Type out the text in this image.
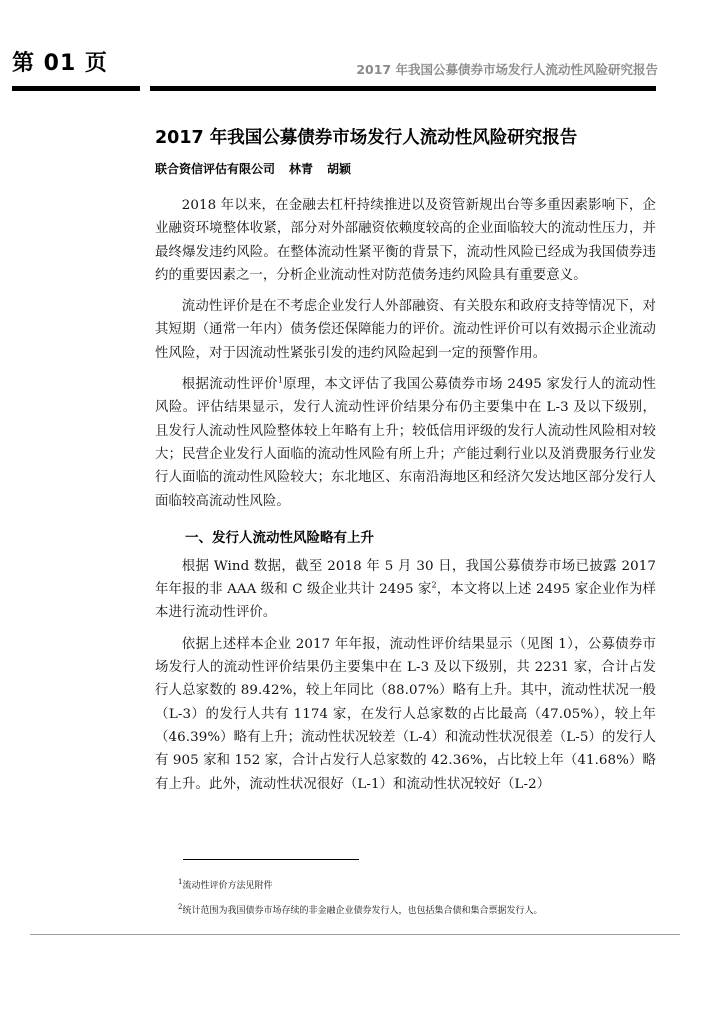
第 01 页	2017 年我国公募债券市场发行人流动性风险研究报告
2017 年我国公募债券市场发行人流动性风险研究报告
联合资信评估有限公司 林青 胡颖

2018 年以来，在金融去杠杆持续推进以及资管新规出台等多重因素影响下，企业融资环境整体收紧，部分对外部融资依赖度较高的企业面临较大的流动性压力，并最终爆发违约风险。在整体流动性紧平衡的背景下，流动性风险已经成为我国债券违约的重要因素之一，分析企业流动性对防范债务违约风险具有重要意义。

流动性评价是在不考虑企业发行人外部融资、有关股东和政府支持等情况下，对其短期（通常一年内）债务偿还保障能力的评价。流动性评价可以有效揭示企业流动性风险，对于因流动性紧张引发的违约风险起到一定的预警作用。

根据流动性评价$^1$原理，本文评估了我国公募债券市场 2495 家发行人的流动性风险。评估结果显示，发行人流动性评价结果分布仍主要集中在 L-3 及以下级别，且发行人流动性风险整体较上年略有上升；较低信用评级的发行人流动性风险相对较大；民营企业发行人面临的流动性风险有所上升；产能过剩行业以及消费服务行业发行人面临的流动性风险较大；东北地区、东南沿海地区和经济欠发达地区部分发行人面临较高流动性风险。

一、发行人流动性风险略有上升

根据 Wind 数据，截至 2018 年 5 月 30 日，我国公募债券市场已披露 2017 年年报的非 AAA 级和 C 级企业共计 2495 家$^2$，本文将以上述 2495 家企业作为样本进行流动性评价。

依据上述样本企业 2017 年年报，流动性评价结果显示（见图 1），公募债券市场发行人的流动性评价结果仍主要集中在 L-3 及以下级别，共 2231 家，合计占发行人总家数的 89.42%，较上年同比（88.07%）略有上升。其中，流动性状况一般（L-3）的发行人共有 1174 家，在发行人总家数的占比最高（47.05%），较上年（46.39%）略有上升；流动性状况较差（L-4）和流动性状况很差（L-5）的发行人有 905 家和 152 家，合计占发行人总家数的 42.36%，占比较上年（41.68%）略有上升。此外，流动性状况很好（L-1）和流动性状况较好（L-2）

$^1$流动性评价方法见附件
$^2$统计范围为我国债券市场存续的非金融企业债券发行人，也包括集合债和集合票据发行人。
